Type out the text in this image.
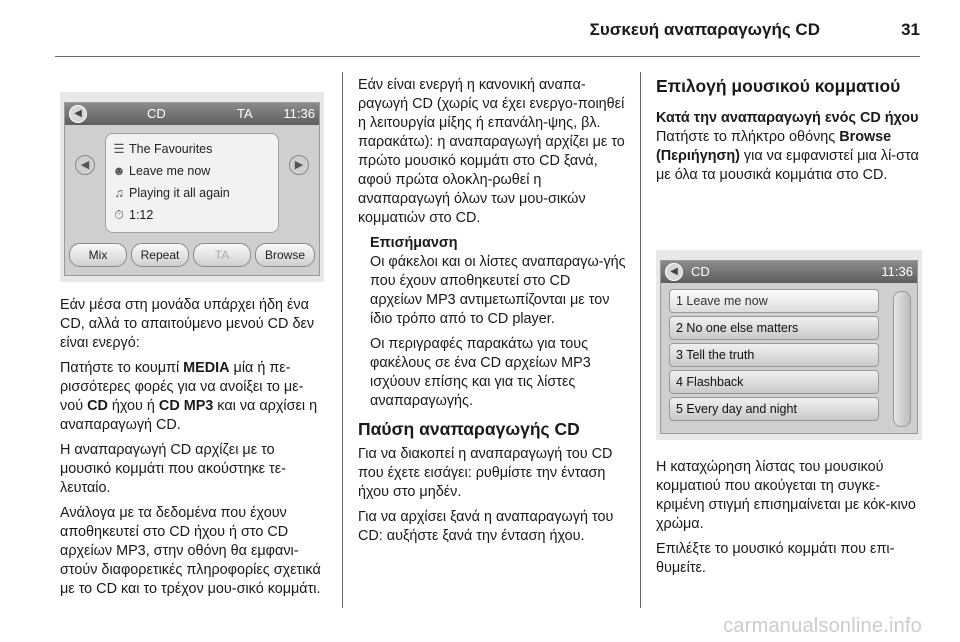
Συσκευή αναπαραγωγής CD	31
◀	CD	TA 11:36
◀	▶
☰ The Favourites
☻ Leave me now
♫ Playing it all again
⏱ 1:12
Mix	Repeat	TA	Browse

Εάν μέσα στη μονάδα υπάρχει ήδη ένα CD, αλλά το απαιτούμενο μενού CD δεν είναι ενεργό:

Πατήστε το κουμπί MEDIA μία ή πε-ρισσότερες φορές για να ανοίξει το με-νού CD ήχου ή CD MP3 και να αρχίσει η αναπαραγωγή CD.

Η αναπαραγωγή CD αρχίζει με το μουσικό κομμάτι που ακούστηκε τε-λευταίο.

Ανάλογα με τα δεδομένα που έχουν αποθηκευτεί στο CD ήχου ή στο CD αρχείων MP3, στην οθόνη θα εμφανι-στούν διαφορετικές πληροφορίες σχετικά με το CD και το τρέχον μου-σικό κομμάτι.

Εάν είναι ενεργή η κανονική αναπα-ραγωγή CD (χωρίς να έχει ενεργο-ποιηθεί η λειτουργία μίξης ή επανάλη-ψης, βλ. παρακάτω): η αναπαραγωγή αρχίζει με το πρώτο μουσικό κομμάτι στο CD ξανά, αφού πρώτα ολοκλη-ρωθεί η αναπαραγωγή όλων των μου-σικών κομματιών στο CD.

Επισήμανση

Οι φάκελοι και οι λίστες αναπαραγω-γής που έχουν αποθηκευτεί στο CD αρχείων MP3 αντιμετωπίζονται με τον ίδιο τρόπο από το CD player.

Οι περιγραφές παρακάτω για τους φακέλους σε ένα CD αρχείων MP3 ισχύουν επίσης και για τις λίστες αναπαραγωγής.

Παύση αναπαραγωγής CD

Για να διακοπεί η αναπαραγωγή του CD που έχετε εισάγει: ρυθμίστε την ένταση ήχου στο μηδέν.

Για να αρχίσει ξανά η αναπαραγωγή του CD: αυξήστε ξανά την ένταση ήχου.

Επιλογή μουσικού κομματιού
Κατά την αναπαραγωγή ενός CD ήχου

Πατήστε το πλήκτρο οθόνης Browse (Περιήγηση) για να εμφανιστεί μια λί-στα με όλα τα μουσικά κομμάτια στο CD.

◀	CD	11:36
1 Leave me now
2 No one else matters
3 Tell the truth
4 Flashback
5 Every day and night

Η καταχώρηση λίστας του μουσικού κομματιού που ακούγεται τη συγκε-κριμένη στιγμή επισημαίνεται με κόκ-κινο χρώμα.

Επιλέξτε το μουσικό κομμάτι που επι-θυμείτε.

carmanualsonline.info
